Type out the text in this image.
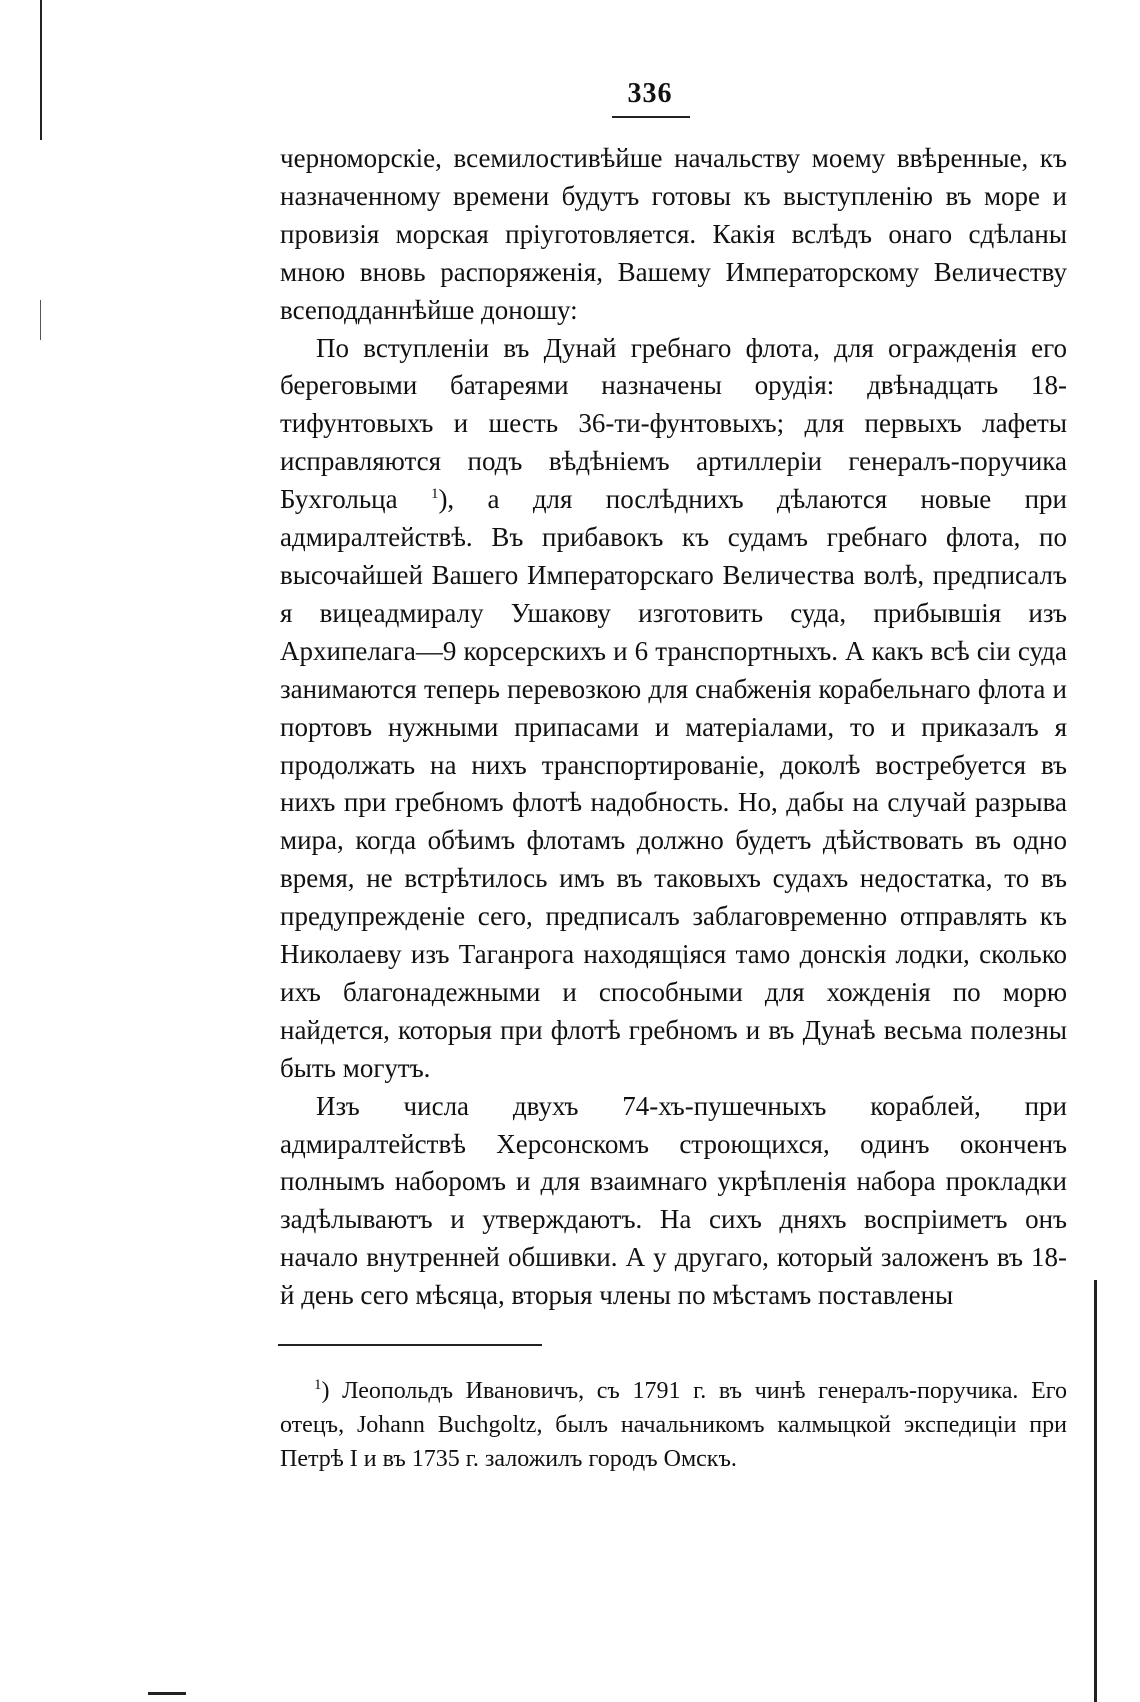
336

черноморскіе, всемилостивѣйше начальству моему ввѣренные, къ назначенному времени будутъ готовы къ выступленію въ море и провизія морская пріуготовляется. Какія вслѣдъ онаго сдѣланы мною вновь распоряженія, Вашему Императорскому Величеству всеподданнѣйше доношу:

По вступленіи въ Дунай гребнаго флота, для огражденія его береговыми батареями назначены орудія: двѣнадцать 18-тифунтовыхъ и шесть 36-ти-фунтовыхъ; для первыхъ лафеты исправляются подъ вѣдѣніемъ артиллеріи генералъ-поручика Бухгольца $^1$), а для послѣднихъ дѣлаются новые при адмиралтействѣ. Въ прибавокъ къ судамъ гребнаго флота, по высочайшей Вашего Императорскаго Величества волѣ, предписалъ я вицеадмиралу Ушакову изготовить суда, прибывшія изъ Архипелага—9 корсерскихъ и 6 транспортныхъ. А какъ всѣ сіи суда занимаются теперь перевозкою для снабженія корабельнаго флота и портовъ нужными припасами и матеріалами, то и приказалъ я продолжать на нихъ транспортированіе, доколѣ востребуется въ нихъ при гребномъ флотѣ надобность. Но, дабы на случай разрыва мира, когда обѣимъ флотамъ должно будетъ дѣйствовать въ одно время, не встрѣтилось имъ въ таковыхъ судахъ недостатка, то въ предупрежденіе сего, предписалъ заблаговременно отправлять къ Николаеву изъ Таганрога находящіяся тамо донскія лодки, сколько ихъ благонадежными и способными для хожденія по морю найдется, которыя при флотѣ гребномъ и въ Дунаѣ весьма полезны быть могутъ.

Изъ числа двухъ 74-хъ-пушечныхъ кораблей, при адмиралтействѣ Херсонскомъ строющихся, одинъ оконченъ полнымъ наборомъ и для взаимнаго укрѣпленія набора прокладки задѣлываютъ и утверждаютъ. На сихъ дняхъ воспріиметъ онъ начало внутренней обшивки. А у другаго, который заложенъ въ 18-й день сего мѣсяца, вторыя члены по мѣстамъ поставлены

$^1$) Леопольдъ Ивановичъ, съ 1791 г. въ чинѣ генералъ-поручика. Его отецъ, Johann Buchgoltz, былъ начальникомъ калмыцкой экспедиціи при Петрѣ I и въ 1735 г. заложилъ городъ Омскъ.
